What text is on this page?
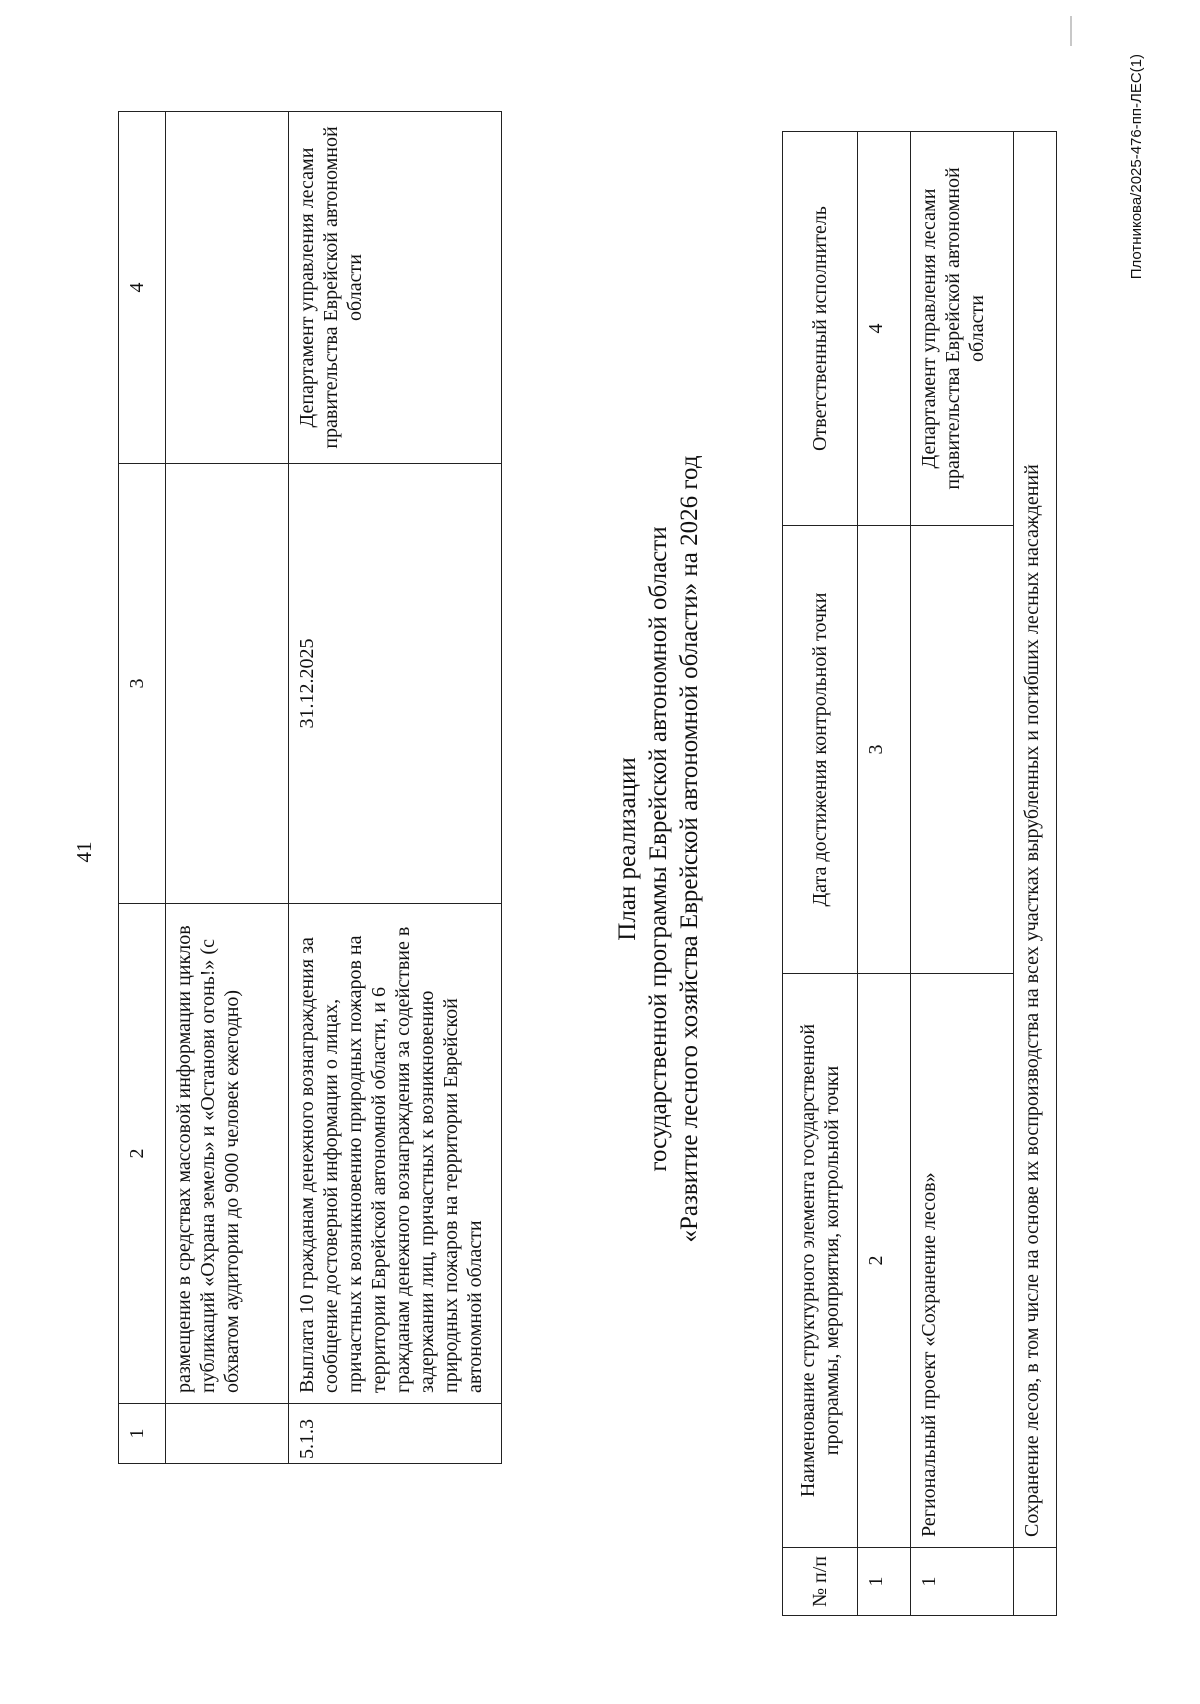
41
1	2	3	4
	размещение в средствах массовой информации циклов публикаций «Охрана земель» и «Останови огонь!» (с обхватом аудитории до 9000 человек ежегодно)		
5.1.3	Выплата 10 гражданам денежного вознаграждения за сообщение достоверной информации о лицах, причастных к возникновению природных пожаров на территории Еврейской автономной области, и 6 гражданам денежного вознаграждения за содействие в задержании лиц, причастных к возникновению природных пожаров на территории Еврейской автономной области	31.12.2025	Департамент управления лесами правительства Еврейской автономной области
План реализации государственной программы Еврейской автономной области «Развитие лесного хозяйства Еврейской автономной области» на 2026 год
№ п/п	Наименование структурного элемента государственной программы, мероприятия, контрольной точки	Дата достижения контрольной точки	Ответственный исполнитель
1	2	3	4
1	Региональный проект «Сохранение лесов»		Департамент управления лесами правительства Еврейской автономной области
	Сохранение лесов, в том числе на основе их воспроизводства на всех участках вырубленных и погибших лесных насаждений		
Плотникова/2025-476-пп-ЛЕС(1)
